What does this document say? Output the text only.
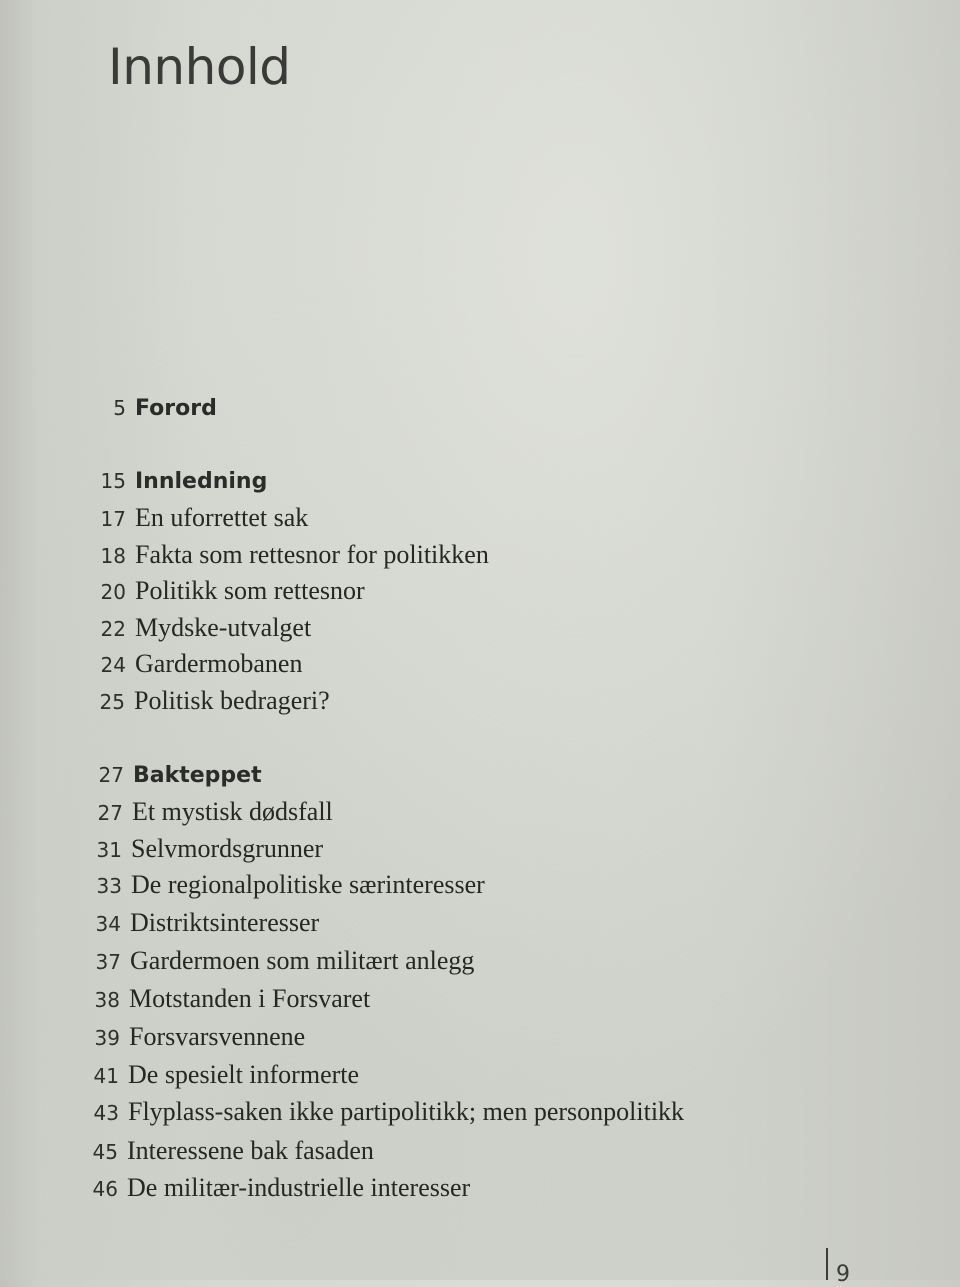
Innhold
5 Forord
15 Innledning
17 En uforrettet sak
18 Fakta som rettesnor for politikken
20 Politikk som rettesnor
22 Mydske-utvalget
24 Gardermobanen
25 Politisk bedrageri?
27 Bakteppet
27 Et mystisk dødsfall
31 Selvmordsgrunner
33 De regionalpolitiske særinteresser
34 Distriktsinteresser
37 Gardermoen som militært anlegg
38 Motstanden i Forsvaret
39 Forsvarsvennene
41 De spesielt informerte
43 Flyplass-saken ikke partipolitikk; men personpolitikk
45 Interessene bak fasaden
46 De militær-industrielle interesser
9
